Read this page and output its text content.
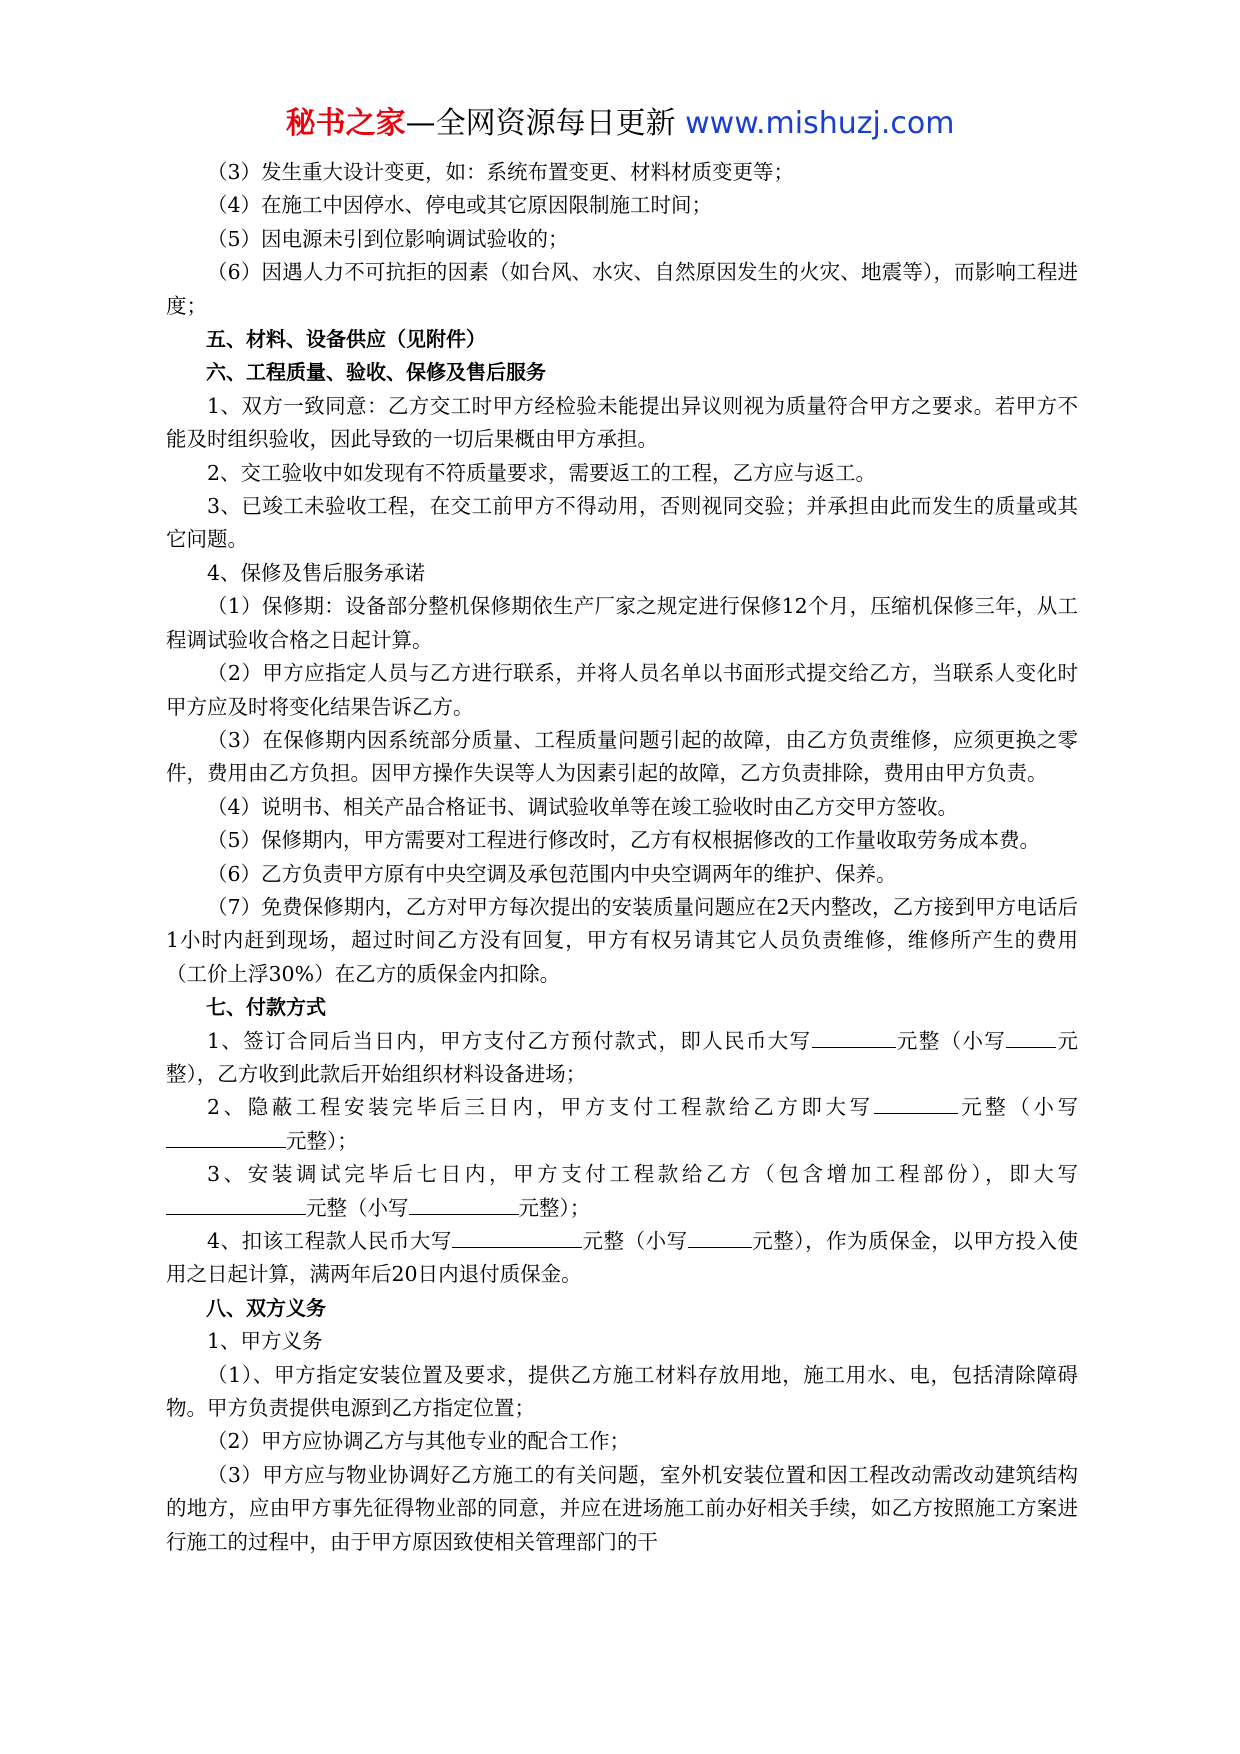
秘书之家—全网资源每日更新 www.mishuzj.com

（3）发生重大设计变更，如：系统布置变更、材料材质变更等；

（4）在施工中因停水、停电或其它原因限制施工时间；

（5）因电源未引到位影响调试验收的；

（6）因遇人力不可抗拒的因素（如台风、水灾、自然原因发生的火灾、地震等），而影响工程进度；

五、材料、设备供应（见附件）

六、工程质量、验收、保修及售后服务

1、双方一致同意：乙方交工时甲方经检验未能提出异议则视为质量符合甲方之要求。若甲方不能及时组织验收，因此导致的一切后果概由甲方承担。

2、交工验收中如发现有不符质量要求，需要返工的工程，乙方应与返工。

3、已竣工未验收工程，在交工前甲方不得动用，否则视同交验；并承担由此而发生的质量或其它问题。

4、保修及售后服务承诺

（1）保修期：设备部分整机保修期依生产厂家之规定进行保修12个月，压缩机保修三年，从工程调试验收合格之日起计算。

（2）甲方应指定人员与乙方进行联系，并将人员名单以书面形式提交给乙方，当联系人变化时甲方应及时将变化结果告诉乙方。

（3）在保修期内因系统部分质量、工程质量问题引起的故障，由乙方负责维修，应须更换之零件，费用由乙方负担。因甲方操作失误等人为因素引起的故障，乙方负责排除，费用由甲方负责。

（4）说明书、相关产品合格证书、调试验收单等在竣工验收时由乙方交甲方签收。

（5）保修期内，甲方需要对工程进行修改时，乙方有权根据修改的工作量收取劳务成本费。

（6）乙方负责甲方原有中央空调及承包范围内中央空调两年的维护、保养。

（7）免费保修期内，乙方对甲方每次提出的安装质量问题应在2天内整改，乙方接到甲方电话后1小时内赶到现场，超过时间乙方没有回复，甲方有权另请其它人员负责维修，维修所产生的费用（工价上浮30%）在乙方的质保金内扣除。

七、付款方式

1、签订合同后当日内，甲方支付乙方预付款式，即人民币大写	元整（小写 元整），乙方收到此款后开始组织材料设备进场；

2、隐蔽工程安装完毕后三日内，甲方支付工程款给乙方即大写	元整（小写元整）；

3、安装调试完毕后七日内，甲方支付工程款给乙方（包含增加工程部份），即大写元整（小写	元整）；

4、扣该工程款人民币大写	元整（小写	元整），作为质保金，以甲方投入使用之日起计算，满两年后20日内退付质保金。

八、双方义务

1、甲方义务

（1）、甲方指定安装位置及要求，提供乙方施工材料存放用地，施工用水、电，包括清除障碍物。甲方负责提供电源到乙方指定位置；

（2）甲方应协调乙方与其他专业的配合工作；

（3）甲方应与物业协调好乙方施工的有关问题，室外机安装位置和因工程改动需改动建筑结构的地方，应由甲方事先征得物业部的同意，并应在进场施工前办好相关手续，如乙方按照施工方案进行施工的过程中，由于甲方原因致使相关管理部门的干
